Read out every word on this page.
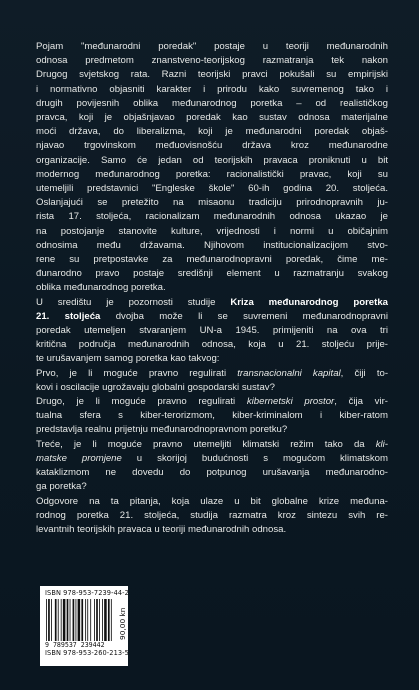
Pojam "međunarodni poredak" postaje u teoriji međunarodnih
odnosa predmetom znanstveno-teorijskog razmatranja tek nakon
Drugog svjetskog rata. Razni teorijski pravci pokušali su empirijski
i normativno objasniti karakter i prirodu kako suvremenog tako i
drugih povijesnih oblika međunarodnog poretka – od realističkog
pravca, koji je objašnjavao poredak kao sustav odnosa materijalne
moći država, do liberalizma, koji je međunarodni poredak objaš-
njavao trgovinskom međuovisnošću država kroz međunarodne
organizacije. Samo će jedan od teorijskih pravaca proniknuti u bit
modernog međunarodnog poretka: racionalistički pravac, koji su
utemeljili predstavnici "Engleske škole" 60-ih godina 20. stoljeća.
Oslanjajući se pretežito na misaonu tradiciju prirodnopravnih ju-
rista 17. stoljeća, racionalizam međunarodnih odnosa ukazao je
na postojanje stanovite kulture, vrijednosti i normi u običajnim
odnosima među državama. Njihovom institucionalizacijom stvo-
rene su pretpostavke za međunarodnopravni poredak, čime me-
đunarodno pravo postaje središnji element u razmatranju svakog
oblika međunarodnog poretka.
U središtu je pozornosti studije Kriza međunarodnog poretka
21. stoljeća dvojba može li se suvremeni međunarodnopravni
poredak utemeljen stvaranjem UN-a 1945. primijeniti na ova tri
kritična područja međunarodnih odnosa, koja u 21. stoljeću prije-
te urušavanjem samog poretka kao takvog:
Prvo, je li moguće pravno regulirati transnacionalni kapital, čiji to-
kovi i oscilacije ugrožavaju globalni gospodarski sustav?
Drugo, je li moguće pravno regulirati kibernetski prostor, čija vir-
tualna sfera s kiber-terorizmom, kiber-kriminalom i kiber-ratom
predstavlja realnu prijetnju međunarodnopravnom poretku?
Treće, je li moguće pravno utemeljiti klimatski režim tako da kli-
matske promjene u skorijoj budućnosti s mogućom klimatskom
kataklizmom ne dovedu do potpunog urušavanja međunarodno-
ga poretka?
Odgovore na ta pitanja, koja ulaze u bit globalne krize međuna-
rodnog poretka 21. stoljeća, studija razmatra kroz sintezu svih re-
levantnih teorijskih pravaca u teoriji međunarodnih odnosa.
ISBN 978-953-7239-44-2
9 789537 239442
ISBN 978-953-260-213-5
90,00 kn
